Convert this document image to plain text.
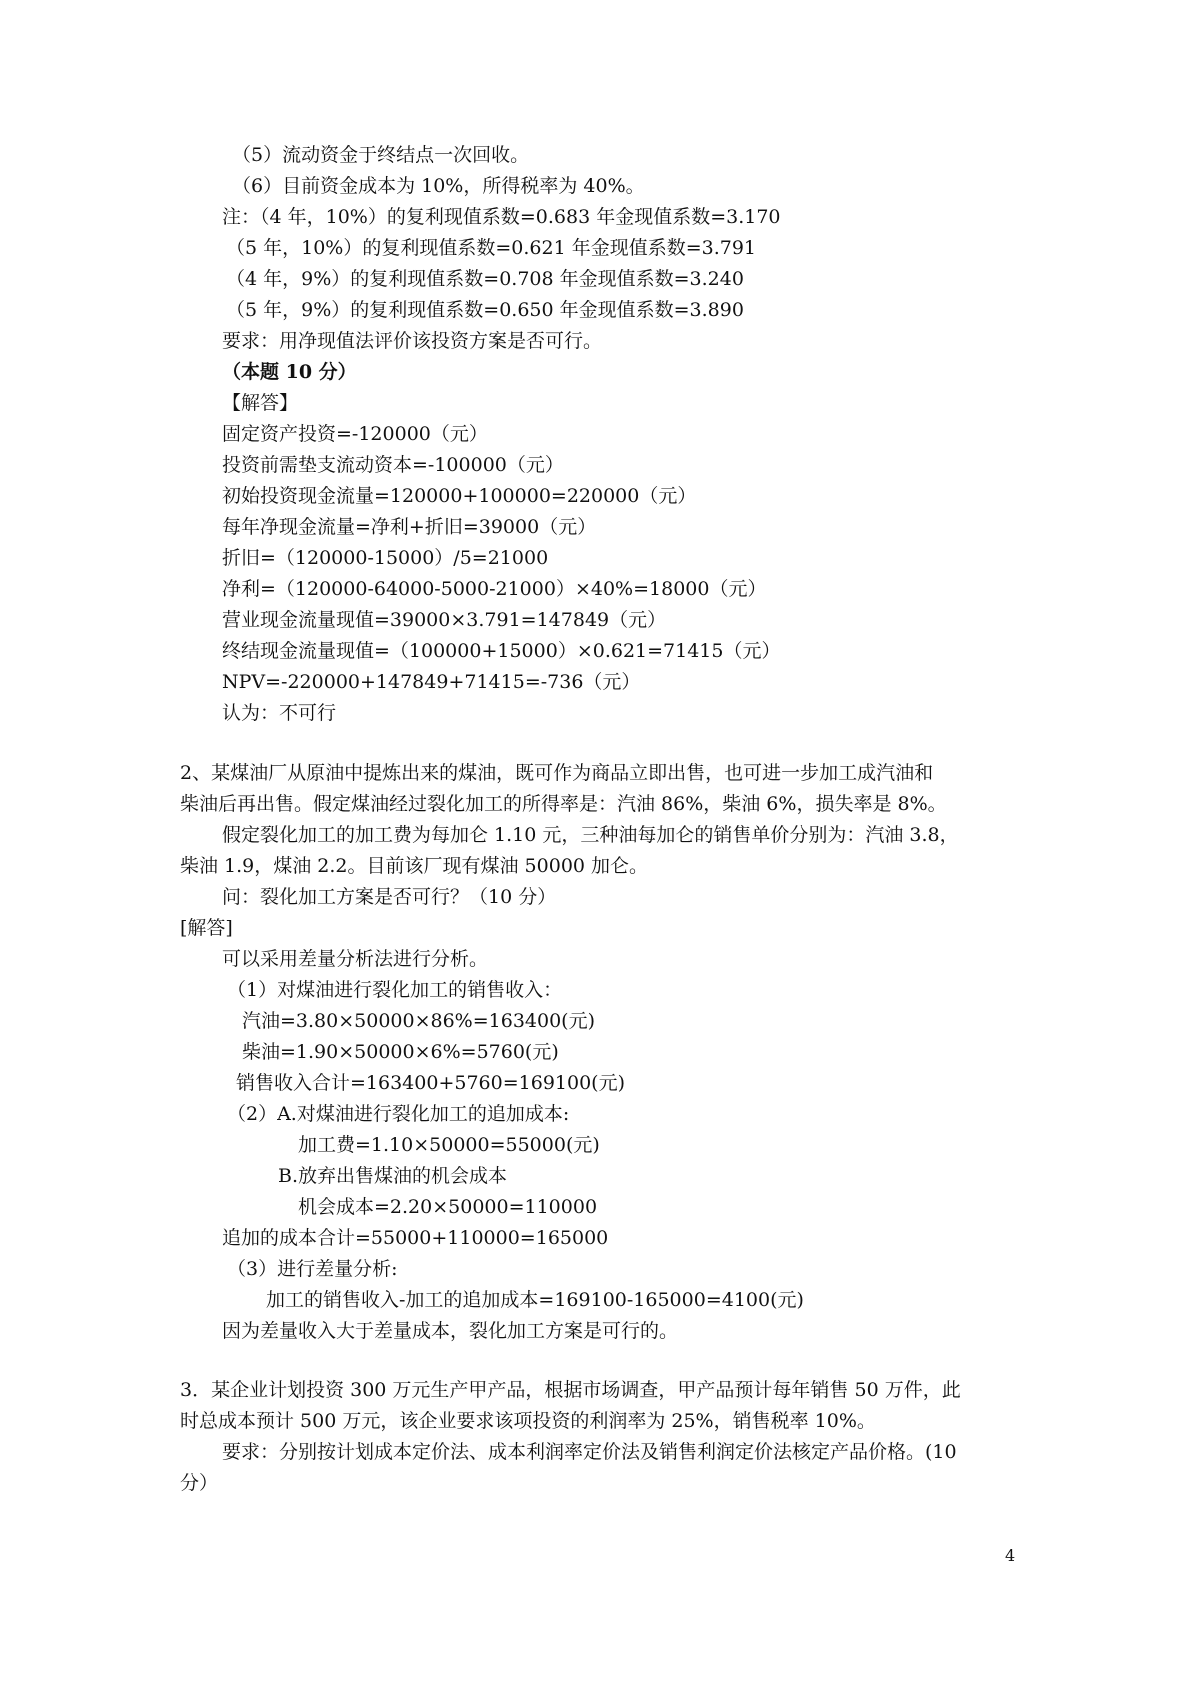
（5）流动资金于终结点一次回收。
（6）目前资金成本为 10%，所得税率为 40%。
注：（4 年，10%）的复利现值系数=0.683 年金现值系数=3.170
（5 年，10%）的复利现值系数=0.621 年金现值系数=3.791
（4 年，9%）的复利现值系数=0.708 年金现值系数=3.240
（5 年，9%）的复利现值系数=0.650 年金现值系数=3.890
要求：用净现值法评价该投资方案是否可行。
（本题 10 分）
【解答】
固定资产投资=-120000（元）
投资前需垫支流动资本=-100000（元）
初始投资现金流量=120000+100000=220000（元）
每年净现金流量=净利+折旧=39000（元）
折旧=（120000-15000）/5=21000
净利=（120000-64000-5000-21000）×40%=18000（元）
营业现金流量现值=39000×3.791=147849（元）
终结现金流量现值=（100000+15000）×0.621=71415（元）
NPV=-220000+147849+71415=-736（元）
认为：不可行
2、某煤油厂从原油中提炼出来的煤油，既可作为商品立即出售，也可进一步加工成汽油和
柴油后再出售。假定煤油经过裂化加工的所得率是：汽油 86%，柴油 6%，损失率是 8%。
假定裂化加工的加工费为每加仑 1.10 元，三种油每加仑的销售单价分别为：汽油 3.8，
柴油 1.9，煤油 2.2。目前该厂现有煤油 50000 加仑。
问：裂化加工方案是否可行？（10 分）
[解答]
可以采用差量分析法进行分析。
（1）对煤油进行裂化加工的销售收入：
汽油=3.80×50000×86%=163400(元)
柴油=1.90×50000×6%=5760(元)
销售收入合计=163400+5760=169100(元)
（2）A.对煤油进行裂化加工的追加成本:
加工费=1.10×50000=55000(元)
B.放弃出售煤油的机会成本
机会成本=2.20×50000=110000
追加的成本合计=55000+110000=165000
（3）进行差量分析:
加工的销售收入-加工的追加成本=169100-165000=4100(元)
因为差量收入大于差量成本，裂化加工方案是可行的。
3．某企业计划投资 300 万元生产甲产品，根据市场调查，甲产品预计每年销售 50 万件，此
时总成本预计 500 万元，该企业要求该项投资的利润率为 25%，销售税率 10%。
要求：分别按计划成本定价法、成本利润率定价法及销售利润定价法核定产品价格。(10
分）
4
